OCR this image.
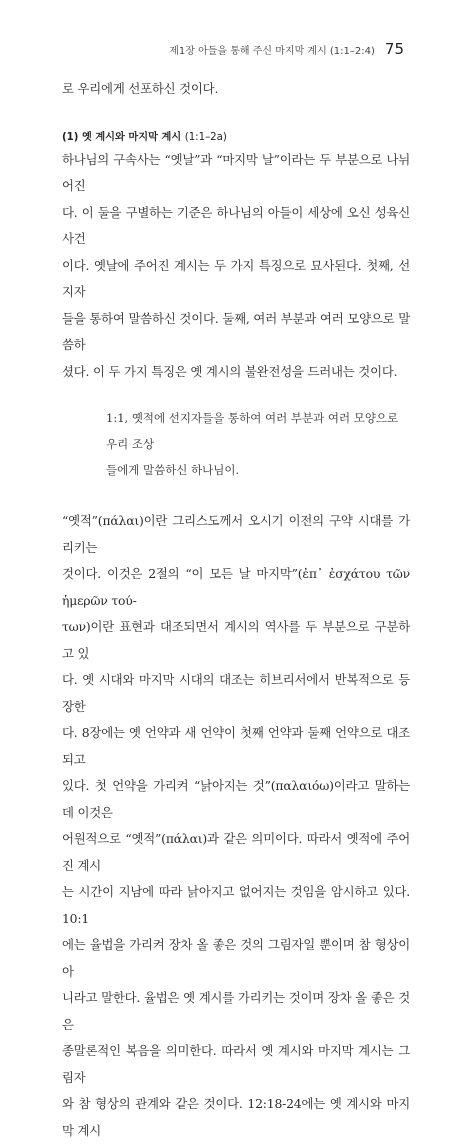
제1장 아들을 통해 주신 마지막 계시 (1:1–2:4) 75

로 우리에게 선포하신 것이다.

(1) 옛 계시와 마지막 계시 (1:1–2a)
하나님의 구속사는 “옛날”과 “마지막 날”이라는 두 부분으로 나뉘어진
다. 이 둘을 구별하는 기준은 하나님의 아들이 세상에 오신 성육신 사건
이다. 옛날에 주어진 계시는 두 가지 특징으로 묘사된다. 첫째, 선지자
들을 통하여 말씀하신 것이다. 둘째, 여러 부분과 여러 모양으로 말씀하
셨다. 이 두 가지 특징은 옛 계시의 불완전성을 드러내는 것이다.
1:1, 옛적에 선지자들을 통하여 여러 부분과 여러 모양으로 우리 조상
들에게 말씀하신 하나님이.
“옛적”(πάλαι)이란 그리스도께서 오시기 이전의 구약 시대를 가리키는
것이다. 이것은 2절의 “이 모든 날 마지막”(ἐπ᾽ ἐσχάτου τῶν ἡμερῶν τού-
των)이란 표현과 대조되면서 계시의 역사를 두 부분으로 구분하고 있
다. 옛 시대와 마지막 시대의 대조는 히브리서에서 반복적으로 등장한
다. 8장에는 옛 언약과 새 언약이 첫째 언약과 둘째 언약으로 대조되고
있다. 첫 언약을 가리켜 “낡아지는 것”(παλαιόω)이라고 말하는데 이것은
어원적으로 “옛적”(πάλαι)과 같은 의미이다. 따라서 옛적에 주어진 계시
는 시간이 지남에 따라 낡아지고 없어지는 것임을 암시하고 있다. 10:1
에는 율법을 가리켜 장차 올 좋은 것의 그림자일 뿐이며 참 형상이 아
니라고 말한다. 율법은 옛 계시를 가리키는 것이며 장차 올 좋은 것은
종말론적인 복음을 의미한다. 따라서 옛 계시와 마지막 계시는 그림자
와 참 형상의 관계와 같은 것이다. 12:18-24에는 옛 계시와 마지막 계시
